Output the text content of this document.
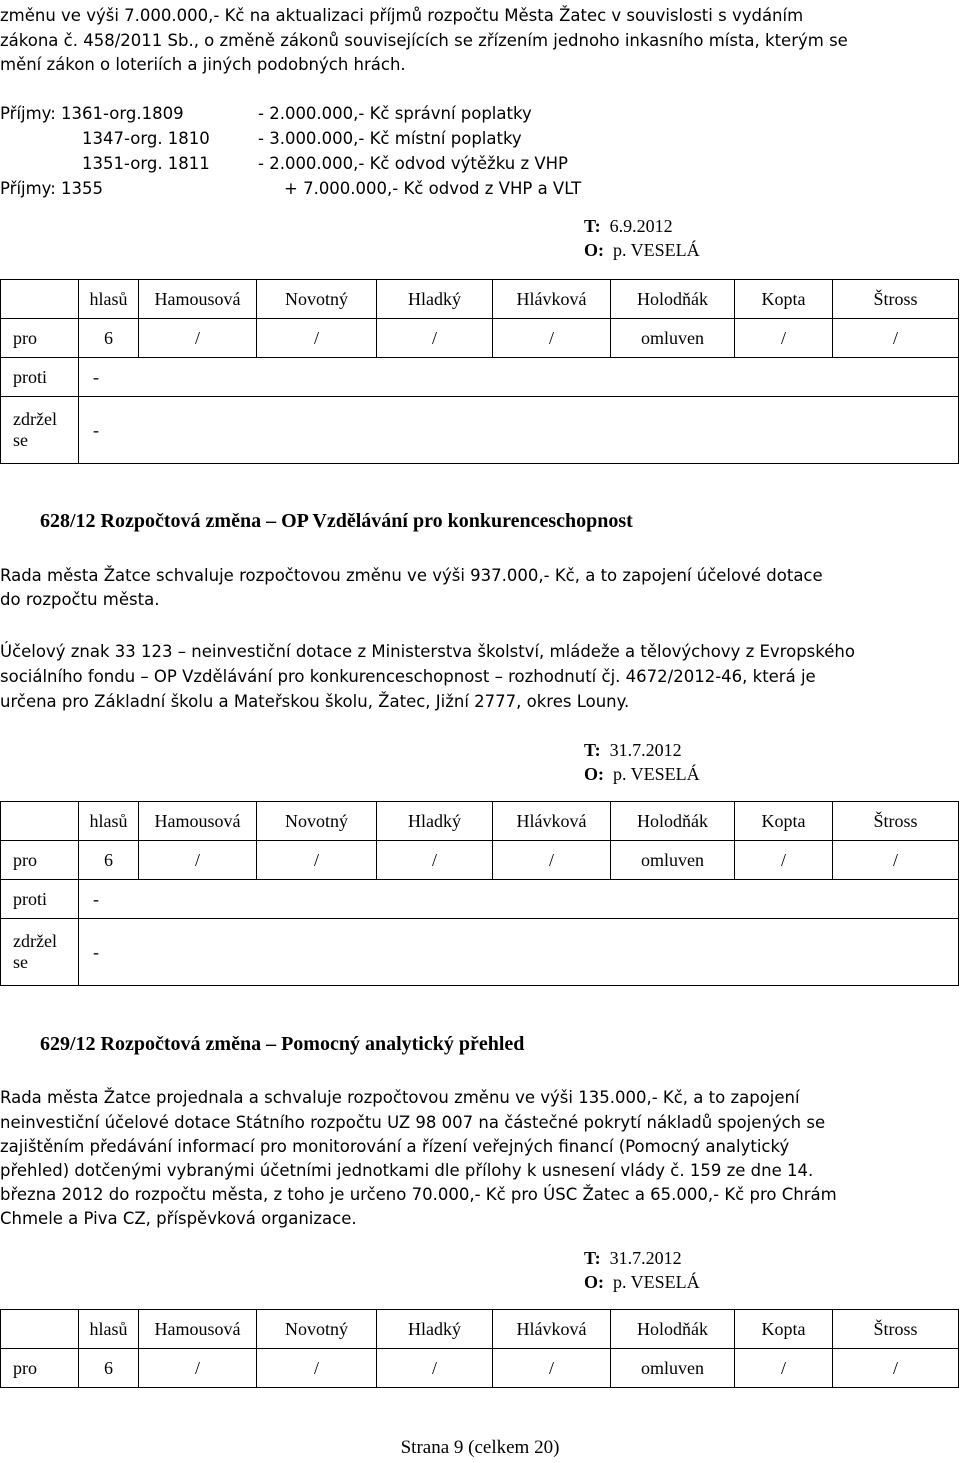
změnu ve výši 7.000.000,- Kč na aktualizaci příjmů rozpočtu Města Žatec v souvislosti s vydáním
zákona č. 458/2011 Sb., o změně zákonů souvisejících se zřízením jednoho inkasního místa, kterým se
mění zákon o loteriích a jiných podobných hrách.
Příjmy: 1361-org.1809	- 2.000.000,- Kč správní poplatky
1347-org. 1810	- 3.000.000,- Kč místní poplatky
1351-org. 1811	- 2.000.000,- Kč odvod výtěžku z VHP
Příjmy: 1355	+ 7.000.000,- Kč odvod z VHP a VLT
T: 6.9.2012
O: p. VESELÁ
	hlasů	Hamousová	Novotný	Hladký	Hlávková	Holodňák	Kopta	Štross
pro	6	/	/	/	/	omluven	/	/
proti	-							
zdržel
se	-							
628/12 Rozpočtová změna – OP Vzdělávání pro konkurenceschopnost
Rada města Žatce schvaluje rozpočtovou změnu ve výši 937.000,- Kč, a to zapojení účelové dotace
do rozpočtu města.
Účelový znak 33 123 – neinvestiční dotace z Ministerstva školství, mládeže a tělovýchovy z Evropského
sociálního fondu – OP Vzdělávání pro konkurenceschopnost – rozhodnutí čj. 4672/2012-46, která je
určena pro Základní školu a Mateřskou školu, Žatec, Jižní 2777, okres Louny.
T: 31.7.2012
O: p. VESELÁ
	hlasů	Hamousová	Novotný	Hladký	Hlávková	Holodňák	Kopta	Štross
pro	6	/	/	/	/	omluven	/	/
proti	-							
zdržel
se	-							
629/12 Rozpočtová změna – Pomocný analytický přehled
Rada města Žatce projednala a schvaluje rozpočtovou změnu ve výši 135.000,- Kč, a to zapojení
neinvestiční účelové dotace Státního rozpočtu UZ 98 007 na částečné pokrytí nákladů spojených se
zajištěním předávání informací pro monitorování a řízení veřejných financí (Pomocný analytický
přehled) dotčenými vybranými účetními jednotkami dle přílohy k usnesení vlády č. 159 ze dne 14.
března 2012 do rozpočtu města, z toho je určeno 70.000,- Kč pro ÚSC Žatec a 65.000,- Kč pro Chrám
Chmele a Piva CZ, příspěvková organizace.
T: 31.7.2012
O: p. VESELÁ
	hlasů	Hamousová	Novotný	Hladký	Hlávková	Holodňák	Kopta	Štross
pro	6	/	/	/	/	omluven	/	/
Strana 9 (celkem 20)
